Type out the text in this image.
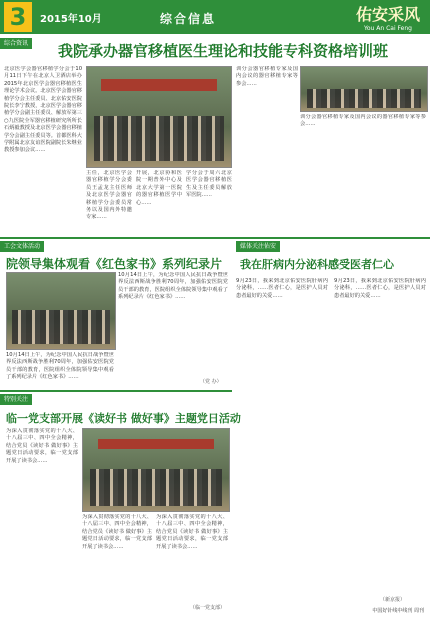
3	2015年10月	综合信息	佑安采风
You An Cai Feng
综合资讯 我院承办器官移植医生理论和技能专科资格培训班
北京医学会器官移植学分会于10月11日下午在北京人卫酒店举办2015年北京医学会器官移植医生理论学术会议。北京医学会器官移植学分会主任委员、北京佑安医院院长李宁教授，北京医学会器官移植学分会副主任委员、解放军第三○九医院全军器官移植研究所所长石炳毅教授及北京医学会器官移植学分会副主任委员等。首都医科大学附属北京友谊医院副院长朱继业教授参加会议……
主任，北京医学会器官移植学分会委员王孟龙主任医师及北京医学会器官移植学分会委员常务以及国内外特邀专家……
开展，北京协和医院一期普外中心及北京大学第一医院的器官移植医学中心……
学分会于周六北京医学会器官移植医生及主任委员解放军医院……
训分会器官移植专家及国内会议的器官移植专家等参会……
训分会器官移植专家及国内会议的器官移植专家等参会……
工会文体活动
院领导集体观看《红色家书》系列纪录片
10月14日上午，为纪念中国人民抗日战争暨世界反法西斯战争胜利70周年，加强佑安医院党员干部的教育，医院组织全体院领导集中观看了系列纪录片《红色家书》……
10月14日上午，为纪念中国人民抗日战争暨世界反法西斯战争胜利70周年，加强佑安医院党员干部的教育，医院组织全体院领导集中观看了系列纪录片《红色家书》……
（党 办）
特别关注
临一党支部开展《读好书 做好事》主题党日活动
为深入贯彻落实党的十八大、十八届三中、四中全会精神，结合党员《读好书 做好事》主题党日活动要求，临一党支部开展了读书会……
为深入贯彻落实党的十八大、十八届三中、四中全会精神，结合党员《读好书 做好事》主题党日活动要求，临一党支部开展了读书会……
为深入贯彻落实党的十八大、十八届三中、四中全会精神，结合党员《读好书 做好事》主题党日活动要求，临一党支部开展了读书会……
（临一党支部）
媒体关注佑安
我在肝病内分泌科感受医者仁心
9月23日，我来到北京佑安医院肝病内分泌科，……医者仁心，是医护人员对患者最好的关爱……
9月23日，我来到北京佑安医院肝病内分泌科，……医者仁心，是医护人员对患者最好的关爱……
（新京报）
中国好针线中线刊 周刊
